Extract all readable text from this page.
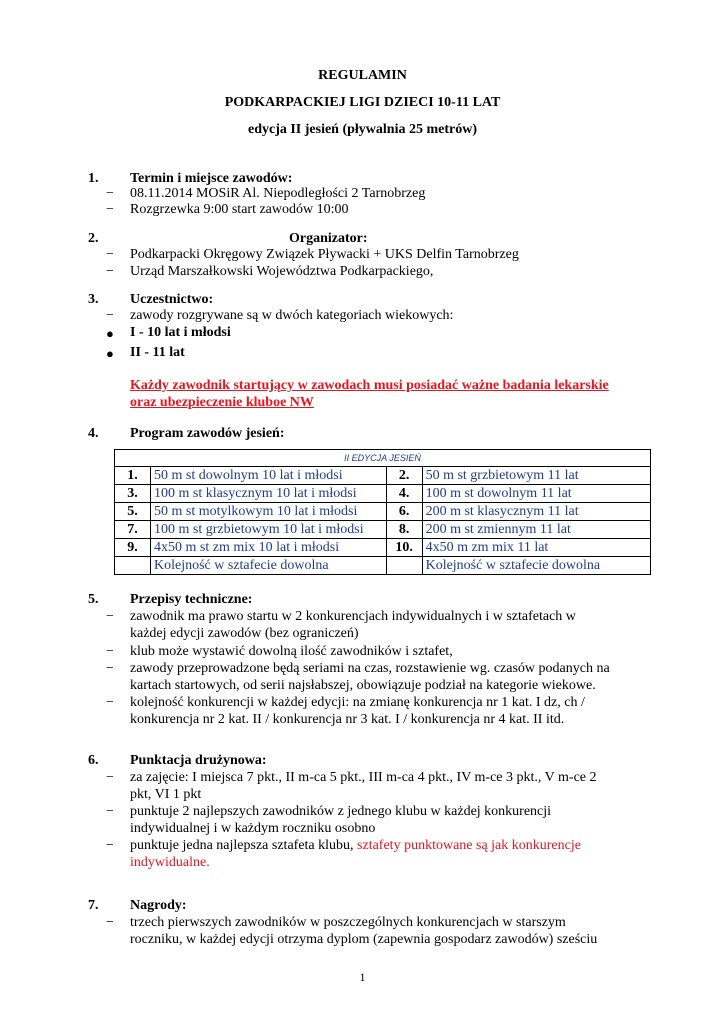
REGULAMIN
PODKARPACKIEJ LIGI DZIECI 10-11 LAT
edycja II jesień (pływalnia 25 metrów)
1. Termin i miejsce zawodów:
− 08.11.2014 MOSiR Al. Niepodległości 2 Tarnobrzeg
− Rozgrzewka 9:00 start zawodów 10:00
2.	Organizator:
− Podkarpacki Okręgowy Związek Pływacki + UKS Delfin Tarnobrzeg
− Urząd Marszałkowski Województwa Podkarpackiego,
3. Uczestnictwo:
− zawody rozgrywane są w dwóch kategoriach wiekowych:
● I - 10 lat i młodsi
● II - 11 lat
Każdy zawodnik startujący w zawodach musi posiadać ważne badania lekarskie
oraz ubezpieczenie kluboe NW
4. Program zawodów jesień:
II EDYCJA JESIEŃ			
1.	50 m st dowolnym 10 lat i młodsi	2.	50 m st grzbietowym 11 lat
3.	100 m st klasycznym 10 lat i młodsi	4.	100 m st dowolnym 11 lat
5.	50 m st motylkowym 10 lat i młodsi	6.	200 m st klasycznym 11 lat
7.	100 m st grzbietowym 10 lat i młodsi	8.	200 m st zmiennym 11 lat
9.	4x50 m st zm mix 10 lat i młodsi	10.	4x50 m zm mix 11 lat
	Kolejność w sztafecie dowolna		Kolejność w sztafecie dowolna
5. Przepisy techniczne:
− zawodnik ma prawo startu w 2 konkurencjach indywidualnych i w sztafetach w
każdej edycji zawodów (bez ograniczeń)
− klub może wystawić dowolną ilość zawodników i sztafet,
− zawody przeprowadzone będą seriami na czas, rozstawienie wg. czasów podanych na
kartach startowych, od serii najsłabszej, obowiązuje podział na kategorie wiekowe.
− kolejność konkurencji w każdej edycji: na zmianę konkurencja nr 1 kat. I dz, ch /
konkurencja nr 2 kat. II / konkurencja nr 3 kat. I / konkurencja nr 4 kat. II itd.
6. Punktacja drużynowa:
− za zajęcie: I miejsca 7 pkt., II m-ca 5 pkt., III m-ca 4 pkt., IV m-ce 3 pkt., V m-ce 2
pkt, VI 1 pkt
− punktuje 2 najlepszych zawodników z jednego klubu w każdej konkurencji
indywidualnej i w każdym roczniku osobno
− punktuje jedna najlepsza sztafeta klubu, sztafety punktowane są jak konkurencje
indywidualne.
7. Nagrody:
− trzech pierwszych zawodników w poszczególnych konkurencjach w starszym
roczniku, w każdej edycji otrzyma dyplom (zapewnia gospodarz zawodów) sześciu
1
